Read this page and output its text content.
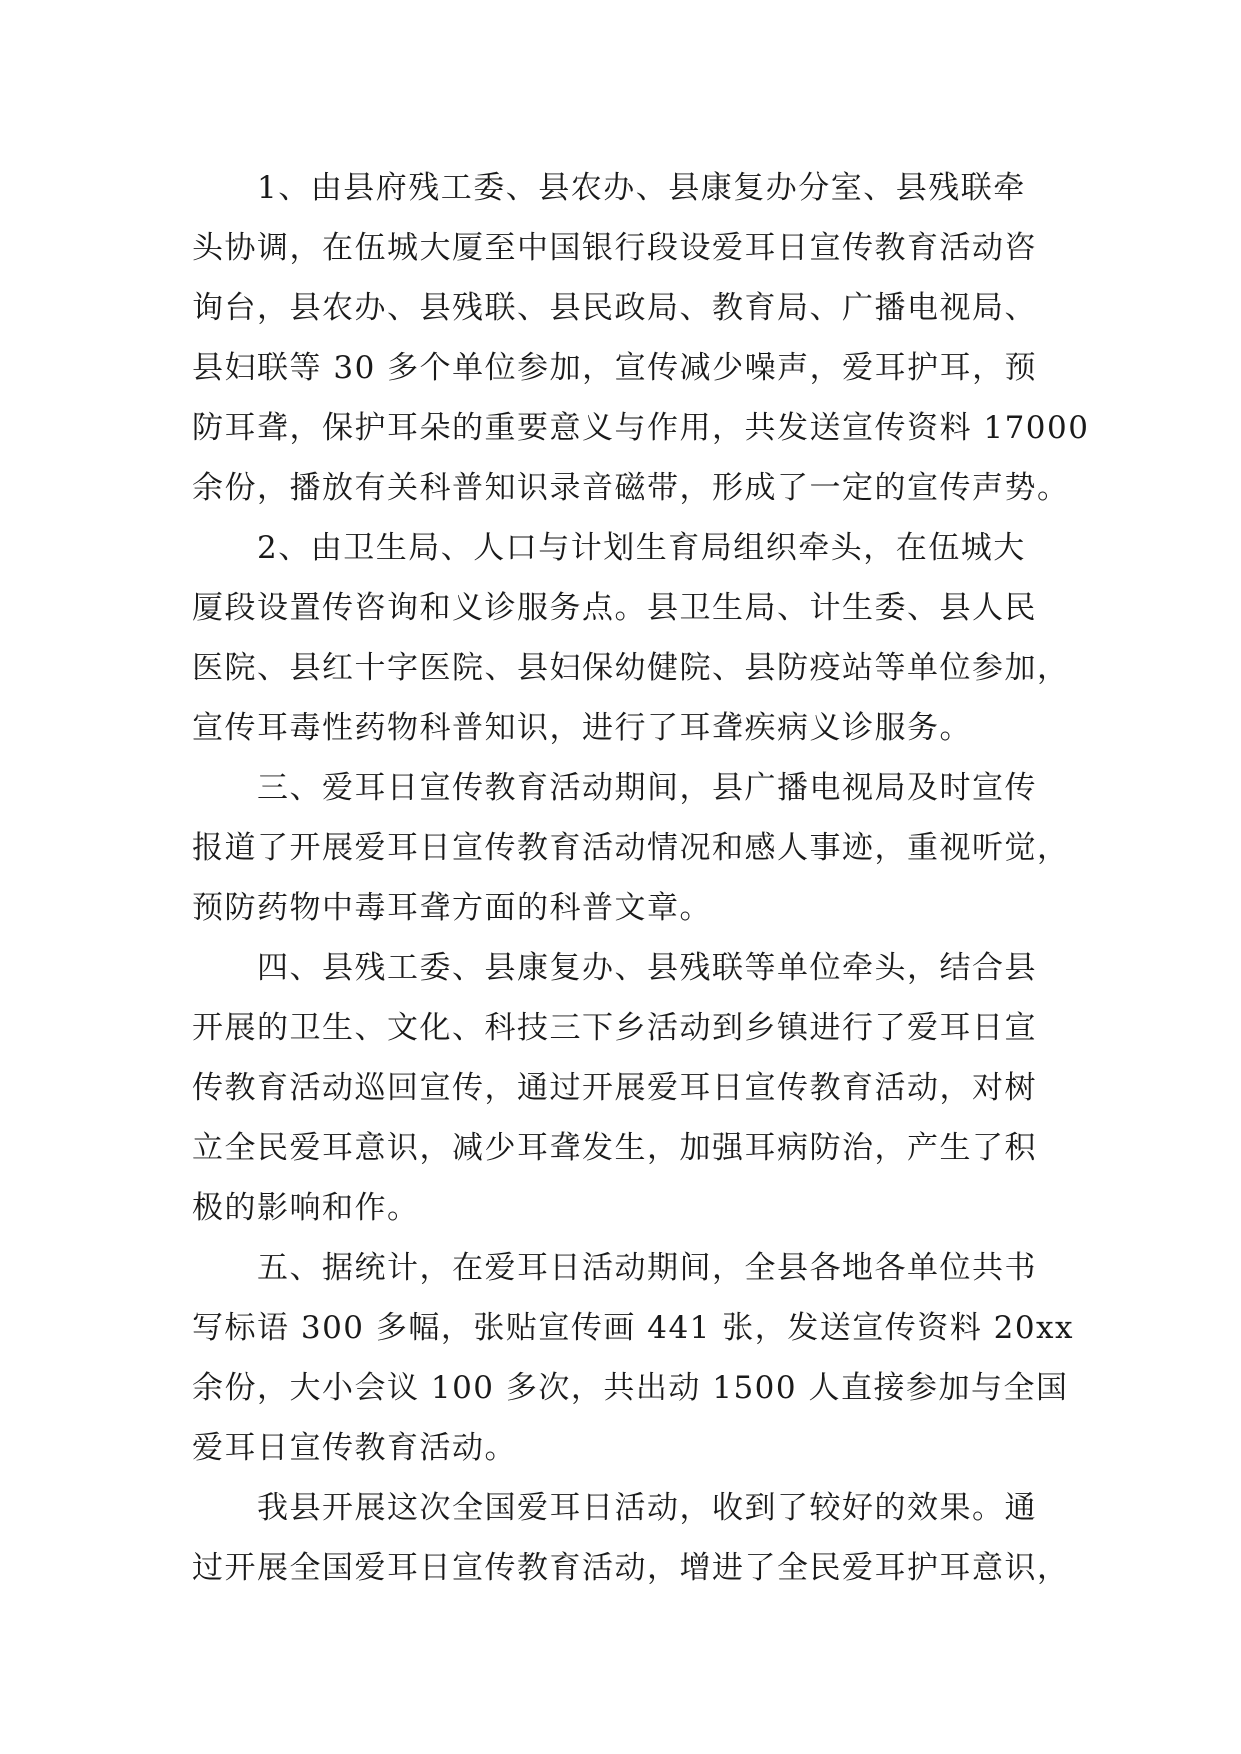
　　1、由县府残工委、县农办、县康复办分室、县残联牵
头协调，在伍城大厦至中国银行段设爱耳日宣传教育活动咨
询台，县农办、县残联、县民政局、教育局、广播电视局、
县妇联等 30 多个单位参加，宣传减少噪声，爱耳护耳，预
防耳聋，保护耳朵的重要意义与作用，共发送宣传资料 17000
余份，播放有关科普知识录音磁带，形成了一定的宣传声势。
　　2、由卫生局、人口与计划生育局组织牵头，在伍城大
厦段设置传咨询和义诊服务点。县卫生局、计生委、县人民
医院、县红十字医院、县妇保幼健院、县防疫站等单位参加，
宣传耳毒性药物科普知识，进行了耳聋疾病义诊服务。
　　三、爱耳日宣传教育活动期间，县广播电视局及时宣传
报道了开展爱耳日宣传教育活动情况和感人事迹，重视听觉，
预防药物中毒耳聋方面的科普文章。
　　四、县残工委、县康复办、县残联等单位牵头，结合县
开展的卫生、文化、科技三下乡活动到乡镇进行了爱耳日宣
传教育活动巡回宣传，通过开展爱耳日宣传教育活动，对树
立全民爱耳意识，减少耳聋发生，加强耳病防治，产生了积
极的影响和作。
　　五、据统计，在爱耳日活动期间，全县各地各单位共书
写标语 300 多幅，张贴宣传画 441 张，发送宣传资料 20xx
余份，大小会议 100 多次，共出动 1500 人直接参加与全国
爱耳日宣传教育活动。
　　我县开展这次全国爱耳日活动，收到了较好的效果。通
过开展全国爱耳日宣传教育活动，增进了全民爱耳护耳意识，
